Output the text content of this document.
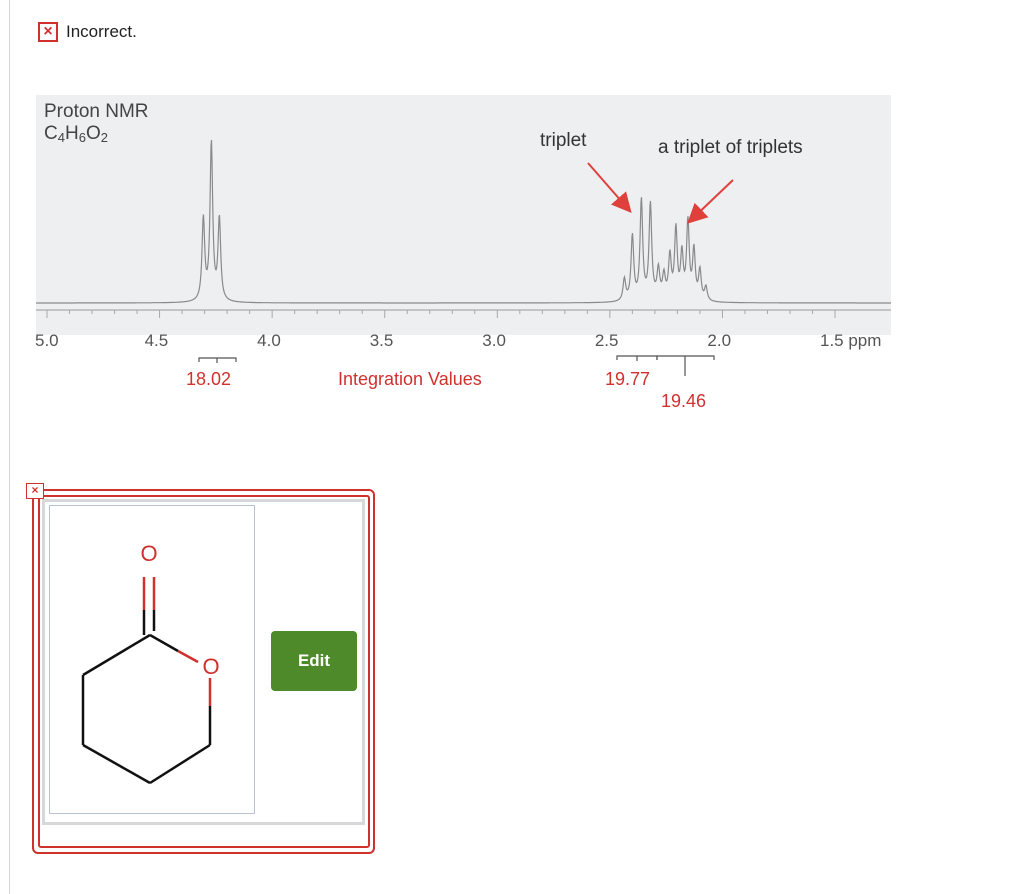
× Incorrect.
Proton NMR
$C_4H_6O_2$	triplet	a triplet of triplets
5.0	4.5	4.0	3.5	3.0	2.5	2.0	1.5 ppm
18.02	Integration Values	19.77
19.46
O
O	Edit
×
